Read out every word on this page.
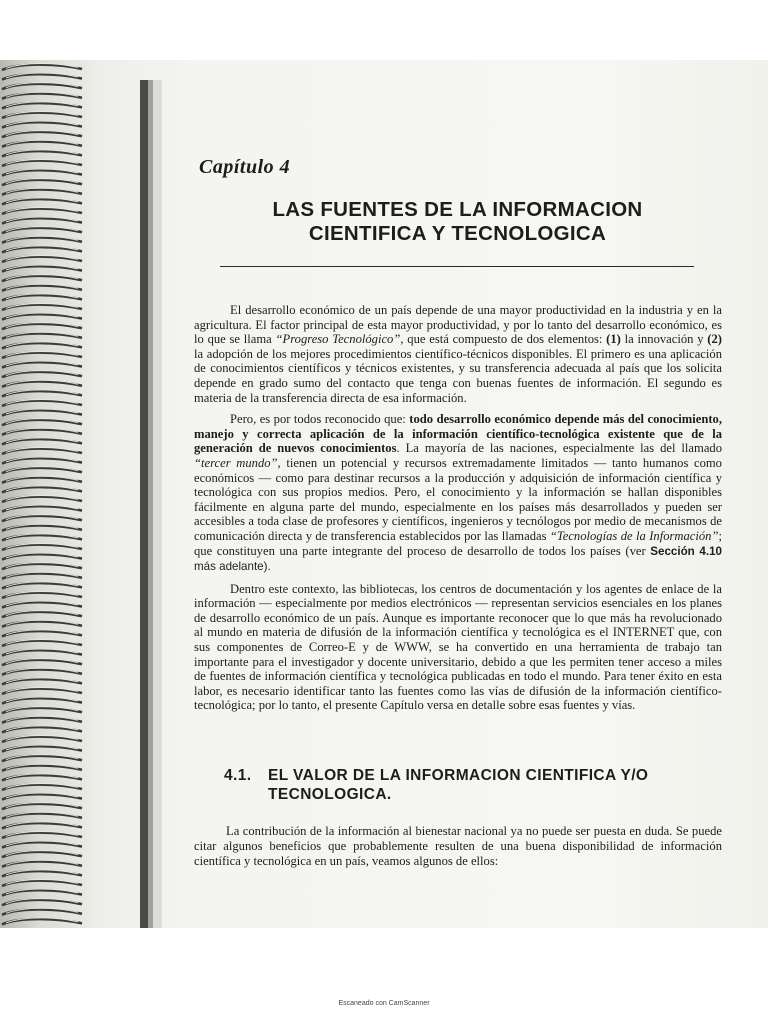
Capítulo 4
LAS FUENTES DE LA INFORMACION
CIENTIFICA Y TECNOLOGICA

El desarrollo económico de un país depende de una mayor productividad en la industria y en la agricultura. El factor principal de esta mayor productividad, y por lo tanto del desarrollo económico, es lo que se llama “Progreso Tecnológico”, que está compuesto de dos elementos: (1) la innovación y (2) la adopción de los mejores procedimientos científico-técnicos disponibles. El primero es una aplicación de conocimientos científicos y técnicos existentes, y su transferencia adecuada al país que los solicita depende en grado sumo del contacto que tenga con buenas fuentes de información. El segundo es materia de la transferencia directa de esa información.

Pero, es por todos reconocido que: todo desarrollo económico depende más del conocimiento, manejo y correcta aplicación de la información científico-tecnológica existente que de la generación de nuevos conocimientos. La mayoría de las naciones, especialmente las del llamado “tercer mundo”, tienen un potencial y recursos extremadamente limitados — tanto humanos como económicos — como para destinar recursos a la producción y adquisición de información científica y tecnológica con sus propios medios. Pero, el conocimiento y la información se hallan disponibles fácilmente en alguna parte del mundo, especialmente en los países más desarrollados y pueden ser accesibles a toda clase de profesores y científicos, ingenieros y tecnólogos por medio de mecanismos de comunicación directa y de transferencia establecidos por las llamadas “Tecnologías de la Información”; que constituyen una parte integrante del proceso de desarrollo de todos los países (ver Sección 4.10 más adelante).

Dentro este contexto, las bibliotecas, los centros de documentación y los agentes de enlace de la información — especialmente por medios electrónicos — representan servicios esenciales en los planes de desarrollo económico de un país. Aunque es importante reconocer que lo que más ha revolucionado al mundo en materia de difusión de la información científica y tecnológica es el INTERNET que, con sus componentes de Correo-E y de WWW, se ha convertido en una herramienta de trabajo tan importante para el investigador y docente universitario, debido a que les permiten tener acceso a miles de fuentes de información científica y tecnológica publicadas en todo el mundo. Para tener éxito en esta labor, es necesario identificar tanto las fuentes como las vías de difusión de la información científico-tecnológica; por lo tanto, el presente Capítulo versa en detalle sobre esas fuentes y vías.

4.1. EL VALOR DE LA INFORMACION CIENTIFICA Y/O
TECNOLOGICA.

La contribución de la información al bienestar nacional ya no puede ser puesta en duda. Se puede citar algunos beneficios que probablemente resulten de una buena disponibilidad de información científica y tecnológica en un país, veamos algunos de ellos:

Escaneado con CamScanner
